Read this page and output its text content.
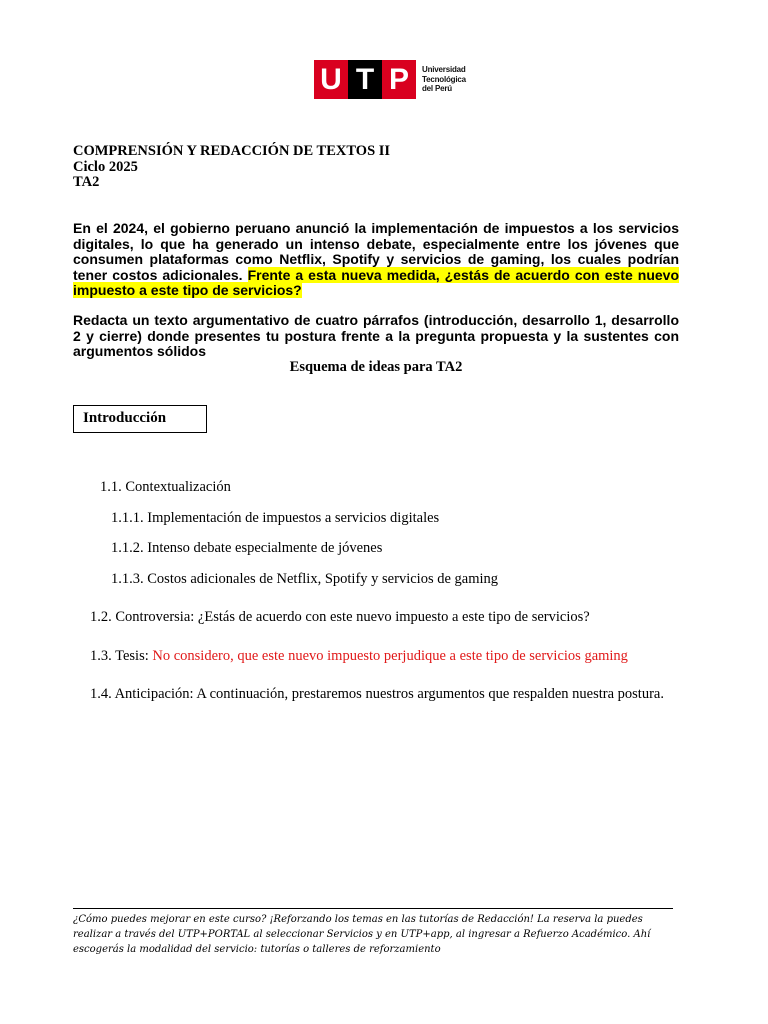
U T P	Universidad
Tecnológica
del Perú
COMPRENSIÓN Y REDACCIÓN DE TEXTOS II
Ciclo 2025
TA2
En el 2024, el gobierno peruano anunció la implementación de impuestos a los servicios digitales, lo que ha generado un intenso debate, especialmente entre los jóvenes que consumen plataformas como Netflix, Spotify y servicios de gaming, los cuales podrían tener costos adicionales. Frente a esta nueva medida, ¿estás de acuerdo con este nuevo impuesto a este tipo de servicios?
Redacta un texto argumentativo de cuatro párrafos (introducción, desarrollo 1, desarrollo 2 y cierre) donde presentes tu postura frente a la pregunta propuesta y la sustentes con argumentos sólidos
Esquema de ideas para TA2
Introducción
1.1. Contextualización
1.1.1. Implementación de impuestos a servicios digitales
1.1.2. Intenso debate especialmente de jóvenes
1.1.3. Costos adicionales de Netflix, Spotify y servicios de gaming
1.2. Controversia: ¿Estás de acuerdo con este nuevo impuesto a este tipo de servicios?
1.3. Tesis: No considero, que este nuevo impuesto perjudique a este tipo de servicios gaming
1.4. Anticipación: A continuación, prestaremos nuestros argumentos que respalden nuestra postura.
¿Cómo puedes mejorar en este curso? ¡Reforzando los temas en las tutorías de Redacción! La reserva la puedes realizar a través del UTP+PORTAL al seleccionar Servicios y en UTP+app, al ingresar a Refuerzo Académico. Ahí escogerás la modalidad del servicio: tutorías o talleres de reforzamiento
